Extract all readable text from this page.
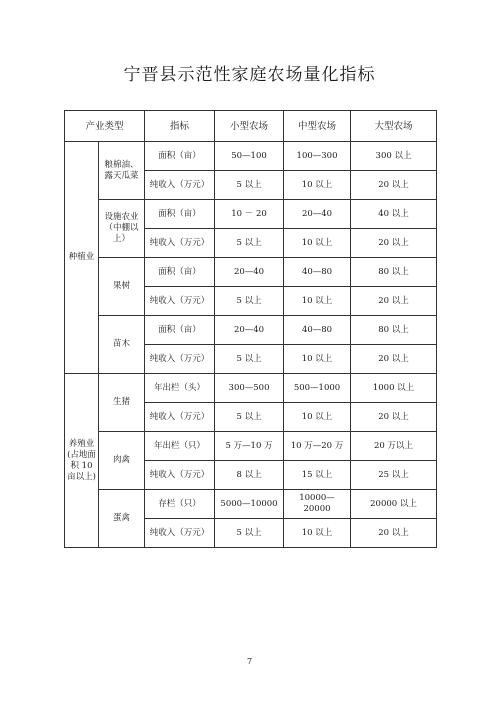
宁晋县示范性家庭农场量化指标
产业类型		指标	小型农场	中型农场	大型农场
种植业	粮棉油、露天瓜菜	面积（亩）	50—100	100—300	300 以上
		纯收入（万元）	5 以上	10 以上	20 以上
	设施农业（中棚以上）	面积（亩）	10 － 20	20—40	40 以上
		纯收入（万元）	5 以上	10 以上	20 以上
	果树	面积（亩）	20—40	40—80	80 以上
		纯收入（万元）	5 以上	10 以上	20 以上
	苗木	面积（亩）	20—40	40—80	80 以上
		纯收入（万元）	5 以上	10 以上	20 以上
养殖业(占地面积 10 亩以上)	生猪	年出栏（头）	300—500	500—1000	1000 以上
		纯收入（万元）	5 以上	10 以上	20 以上
	肉禽	年出栏（只）	5 万—10 万	10 万—20 万	20 万以上
		纯收入（万元）	8 以上	15 以上	25 以上
	蛋禽	存栏（只）	5000—10000	10000—20000	20000 以上
		纯收入（万元）	5 以上	10 以上	20 以上
7
